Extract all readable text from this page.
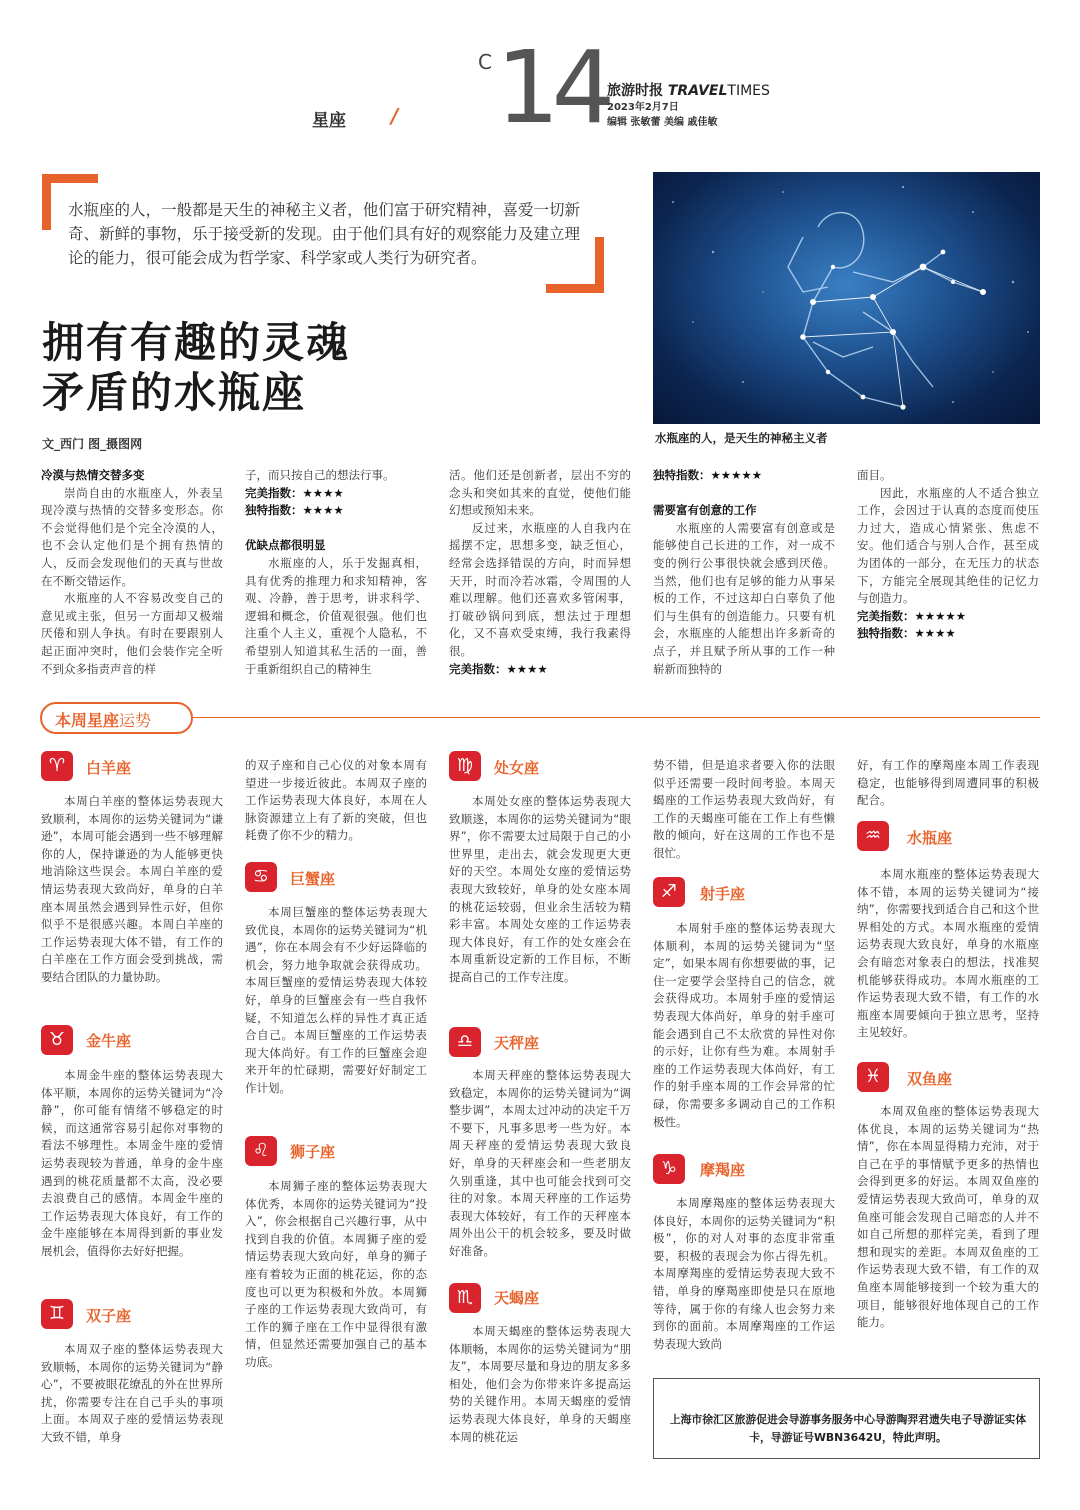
星座 /
C 14 旅游时报 TRAVELTIMES
2023年2月7日
编辑 张敏蕾 美编 戚佳敏
水瓶座的人，一般都是天生的神秘主义者，他们富于研究精神，喜爱一切新奇、新鲜的事物，乐于接受新的发现。由于他们具有好的观察能力及建立理论的能力，很可能会成为哲学家、科学家或人类行为研究者。
拥有有趣的灵魂
矛盾的水瓶座
文_西门 图_摄图网	水瓶座的人，是天生的神秘主义者
冷漠与热情交替多变

崇尚自由的水瓶座人，外表呈现冷漠与热情的交替多变形态。你不会觉得他们是个完全冷漠的人，也不会认定他们是个拥有热情的人，反而会发现他们的天真与世故在不断交错运作。

水瓶座的人不容易改变自己的意见或主张，但另一方面却又极端厌倦和别人争执。有时在要跟别人起正面冲突时，他们会装作完全听不到众多指责声音的样

子，而只按自己的想法行事。
完美指数：★★★★
独特指数：★★★★
优缺点都很明显

水瓶座的人，乐于发掘真相，具有优秀的推理力和求知精神，客观、冷静，善于思考，讲求科学、逻辑和概念，价值观很强。他们也注重个人主义，重视个人隐私，不希望别人知道其私生活的一面，善于重新组织自己的精神生

活。他们还是创新者，层出不穷的念头和突如其来的直觉，使他们能幻想或预知未来。

反过来，水瓶座的人自我内在摇摆不定，思想多变，缺乏恒心，经常会选择错误的方向，时而异想天开，时而冷若冰霜，令周围的人难以理解。他们还喜欢多管闲事，打破砂锅问到底，想法过于理想化，又不喜欢受束缚，我行我素得很。

完美指数：★★★★
独特指数：★★★★★
需要富有创意的工作

水瓶座的人需要富有创意或是能够使自己长进的工作，对一成不变的例行公事很快就会感到厌倦。当然，他们也有足够的能力从事呆板的工作，不过这却白白辜负了他们与生俱有的创造能力。只要有机会，水瓶座的人能想出许多新奇的点子，并且赋予所从事的工作一种崭新而独特的

面目。

因此，水瓶座的人不适合独立工作，会因过于认真的态度而使压力过大，造成心情紧张、焦虑不安。他们适合与别人合作，甚至成为团体的一部分，在无压力的状态下，方能完全展现其绝佳的记忆力与创造力。

完美指数：★★★★★
独特指数：★★★★
本周星座运势
♈	白羊座

本周白羊座的整体运势表现大致顺利，本周你的运势关键词为“谦逊”，本周可能会遇到一些不够理解你的人，保持谦逊的为人能够更快地消除这些误会。本周白羊座的爱情运势表现大致尚好，单身的白羊座本周虽然会遇到异性示好，但你似乎不是很感兴趣。本周白羊座的工作运势表现大体不错，有工作的白羊座在工作方面会受到挑战，需要结合团队的力量协助。

♉	金牛座

本周金牛座的整体运势表现大体平顺，本周你的运势关键词为“冷静”，你可能有情绪不够稳定的时候，而这通常容易引起你对事物的看法不够理性。本周金牛座的爱情运势表现较为普通，单身的金牛座遇到的桃花质量都不太高，没必要去浪费自己的感情。本周金牛座的工作运势表现大体良好，有工作的金牛座能够在本周得到新的事业发展机会，值得你去好好把握。

♊	双子座

本周双子座的整体运势表现大致顺畅，本周你的运势关键词为“静心”，不要被眼花缭乱的外在世界所扰，你需要专注在自己手头的事项上面。本周双子座的爱情运势表现大致不错，单身

的双子座和自己心仪的对象本周有望进一步接近彼此。本周双子座的工作运势表现大体良好，本周在人脉资源建立上有了新的突破，但也耗费了你不少的精力。
♋	巨蟹座

本周巨蟹座的整体运势表现大致优良，本周你的运势关键词为“机遇”，你在本周会有不少好运降临的机会，努力地争取就会获得成功。本周巨蟹座的爱情运势表现大体较好，单身的巨蟹座会有一些自我怀疑，不知道怎么样的异性才真正适合自己。本周巨蟹座的工作运势表现大体尚好。有工作的巨蟹座会迎来开年的忙碌期，需要好好制定工作计划。

♌	狮子座

本周狮子座的整体运势表现大体优秀，本周你的运势关键词为“投入”，你会根据自己兴趣行事，从中找到自我的价值。本周狮子座的爱情运势表现大致向好，单身的狮子座有着较为正面的桃花运，你的态度也可以更为积极和外放。本周狮子座的工作运势表现大致尚可，有工作的狮子座在工作中显得很有激情，但显然还需要加强自己的基本功底。

♍	处女座

本周处女座的整体运势表现大致顺遂，本周你的运势关键词为“眼界”，你不需要太过局限于自己的小世界里，走出去，就会发现更大更好的天空。本周处女座的爱情运势表现大致较好，单身的处女座本周的桃花运较弱，但业余生活较为精彩丰富。本周处女座的工作运势表现大体良好，有工作的处女座会在本周重新设定新的工作目标，不断提高自己的工作专注度。

♎	天秤座

本周天秤座的整体运势表现大致稳定，本周你的运势关键词为“调整步调”，本周太过冲动的决定千万不要下，凡事多思考一些为好。本周天秤座的爱情运势表现大致良好，单身的天秤座会和一些老朋友久别重逢，其中也可能会找到可交往的对象。本周天秤座的工作运势表现大体较好，有工作的天秤座本周外出公干的机会较多，要及时做好准备。

♏	天蝎座

本周天蝎座的整体运势表现大体顺畅，本周你的运势关键词为“朋友”，本周要尽量和身边的朋友多多相处，他们会为你带来许多提高运势的关键作用。本周天蝎座的爱情运势表现大体良好，单身的天蝎座本周的桃花运

势不错，但是追求者要入你的法眼似乎还需要一段时间考验。本周天蝎座的工作运势表现大致尚好，有工作的天蝎座可能在工作上有些懒散的倾向，好在这周的工作也不是很忙。
♐	射手座

本周射手座的整体运势表现大体顺利，本周的运势关键词为“坚定”，如果本周有你想要做的事，记住一定要学会坚持自己的信念，就会获得成功。本周射手座的爱情运势表现大体尚好，单身的射手座可能会遇到自己不太欣赏的异性对你的示好，让你有些为难。本周射手座的工作运势表现大体尚好，有工作的射手座本周的工作会异常的忙碌，你需要多多调动自己的工作积极性。

♑	摩羯座

本周摩羯座的整体运势表现大体良好，本周你的运势关键词为“积极”，你的对人对事的态度非常重要，积极的表现会为你占得先机。本周摩羯座的爱情运势表现大致不错，单身的摩羯座即使是只在原地等待，属于你的有缘人也会努力来到你的面前。本周摩羯座的工作运势表现大致尚

好，有工作的摩羯座本周工作表现稳定，也能够得到周遭同事的积极配合。
♒	水瓶座

本周水瓶座的整体运势表现大体不错，本周的运势关键词为“接纳”，你需要找到适合自己和这个世界相处的方式。本周水瓶座的爱情运势表现大致良好，单身的水瓶座会有暗恋对象表白的想法，找准契机能够获得成功。本周水瓶座的工作运势表现大致不错，有工作的水瓶座本周要倾向于独立思考，坚持主见较好。

♓	双鱼座

本周双鱼座的整体运势表现大体优良，本周的运势关键词为“热情”，你在本周显得精力充沛，对于自己在乎的事情赋予更多的热情也会得到更多的好运。本周双鱼座的爱情运势表现大致尚可，单身的双鱼座可能会发现自己暗恋的人并不如自己所想的那样完美，看到了理想和现实的差距。本周双鱼座的工作运势表现大致不错，有工作的双鱼座本周能够接到一个较为重大的项目，能够很好地体现自己的工作能力。

上海市徐汇区旅游促进会导游事务服务中心导游陶羿君遗失电子导游证实体卡，导游证号WBN3642U，特此声明。
